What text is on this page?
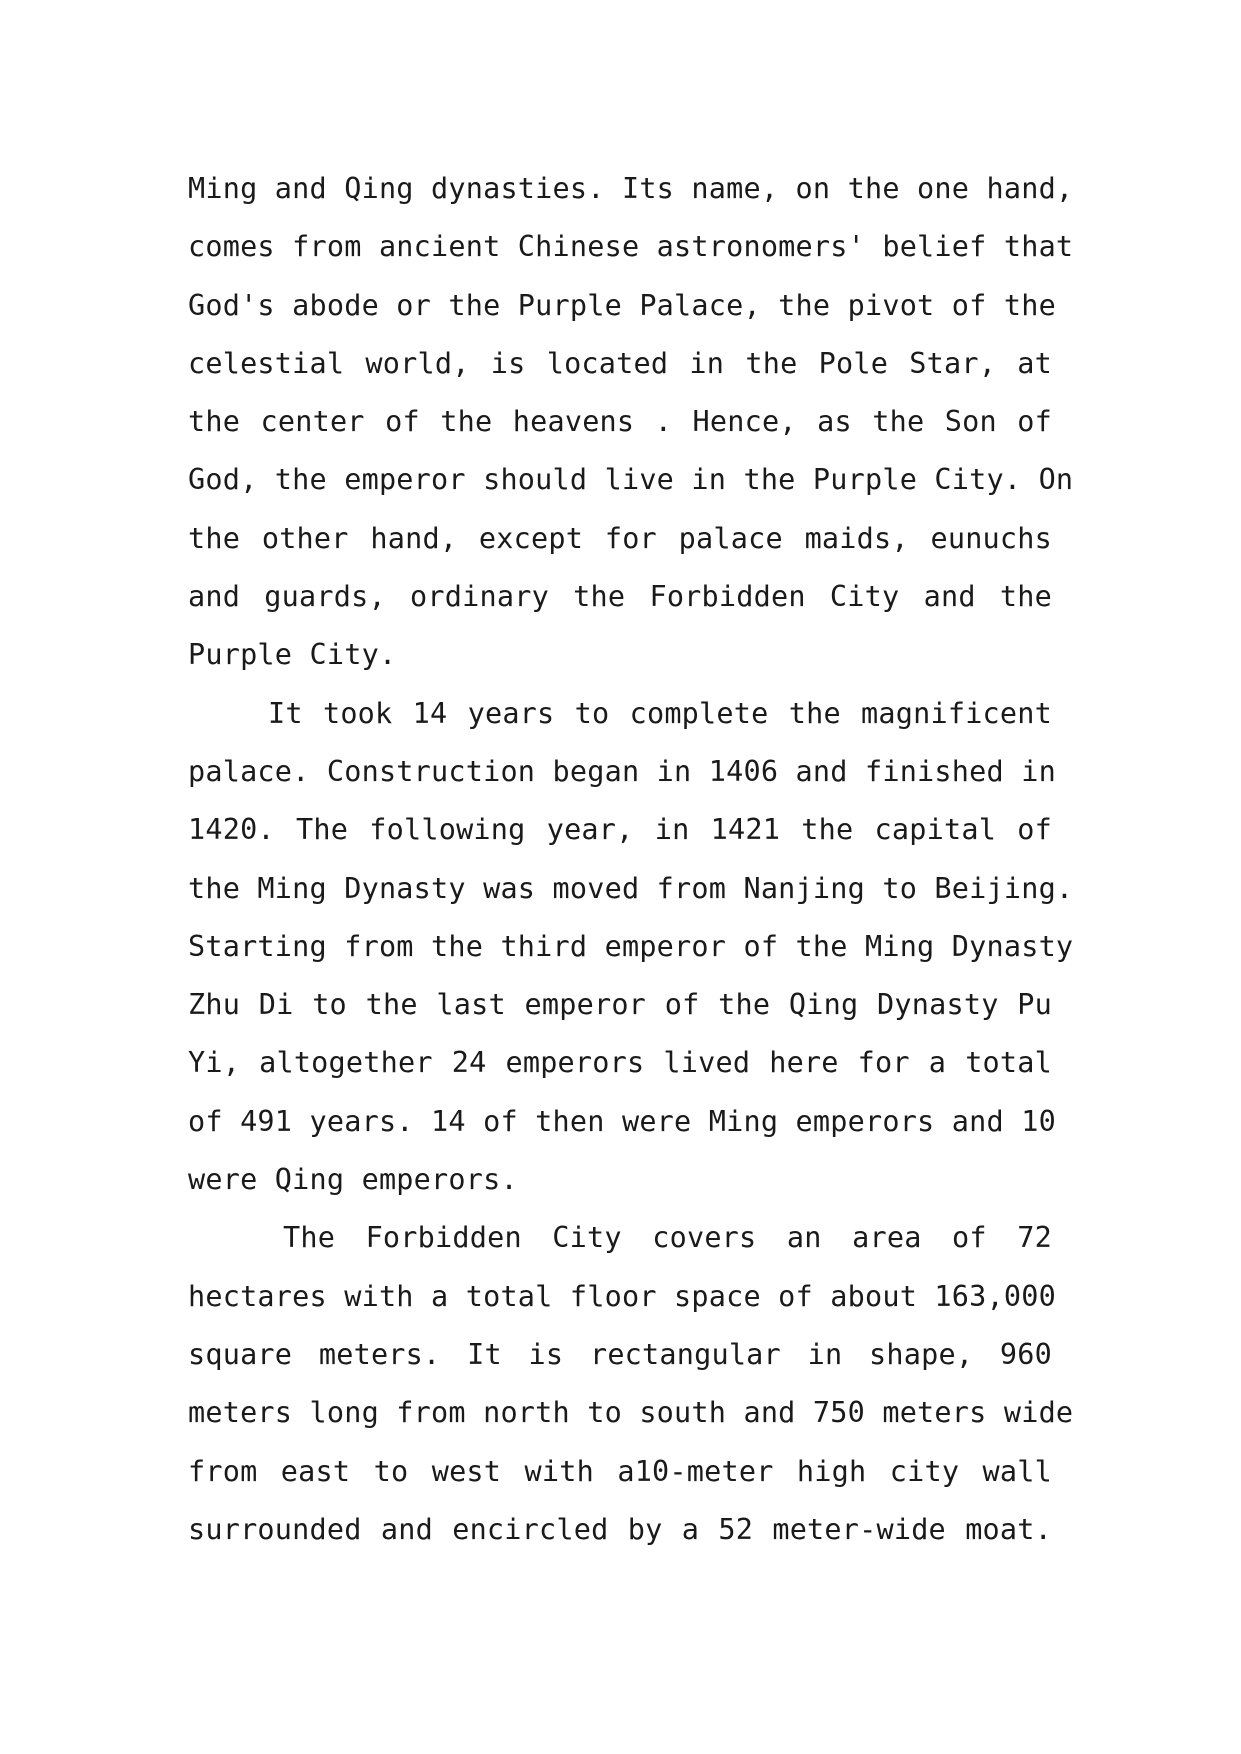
Ming and Qing dynasties. Its name, on the one hand,
comes from ancient Chinese astronomers' belief that
God's abode or the Purple Palace, the pivot of the
celestial world, is located in the Pole Star, at
the center of the heavens . Hence, as the Son of
God, the emperor should live in the Purple City. On
the other hand, except for palace maids, eunuchs
and guards, ordinary the Forbidden City and the
Purple City.
It took 14 years to complete the magnificent
palace. Construction began in 1406 and finished in
1420. The following year, in 1421 the capital of
the Ming Dynasty was moved from Nanjing to Beijing.
Starting from the third emperor of the Ming Dynasty
Zhu Di to the last emperor of the Qing Dynasty Pu
Yi, altogether 24 emperors lived here for a total
of 491 years. 14 of then were Ming emperors and 10
were Qing emperors.
The Forbidden City covers an area of 72
hectares with a total floor space of about 163,000
square meters. It is rectangular in shape, 960
meters long from north to south and 750 meters wide
from east to west with a10-meter high city wall
surrounded and encircled by a 52 meter-wide moat.
